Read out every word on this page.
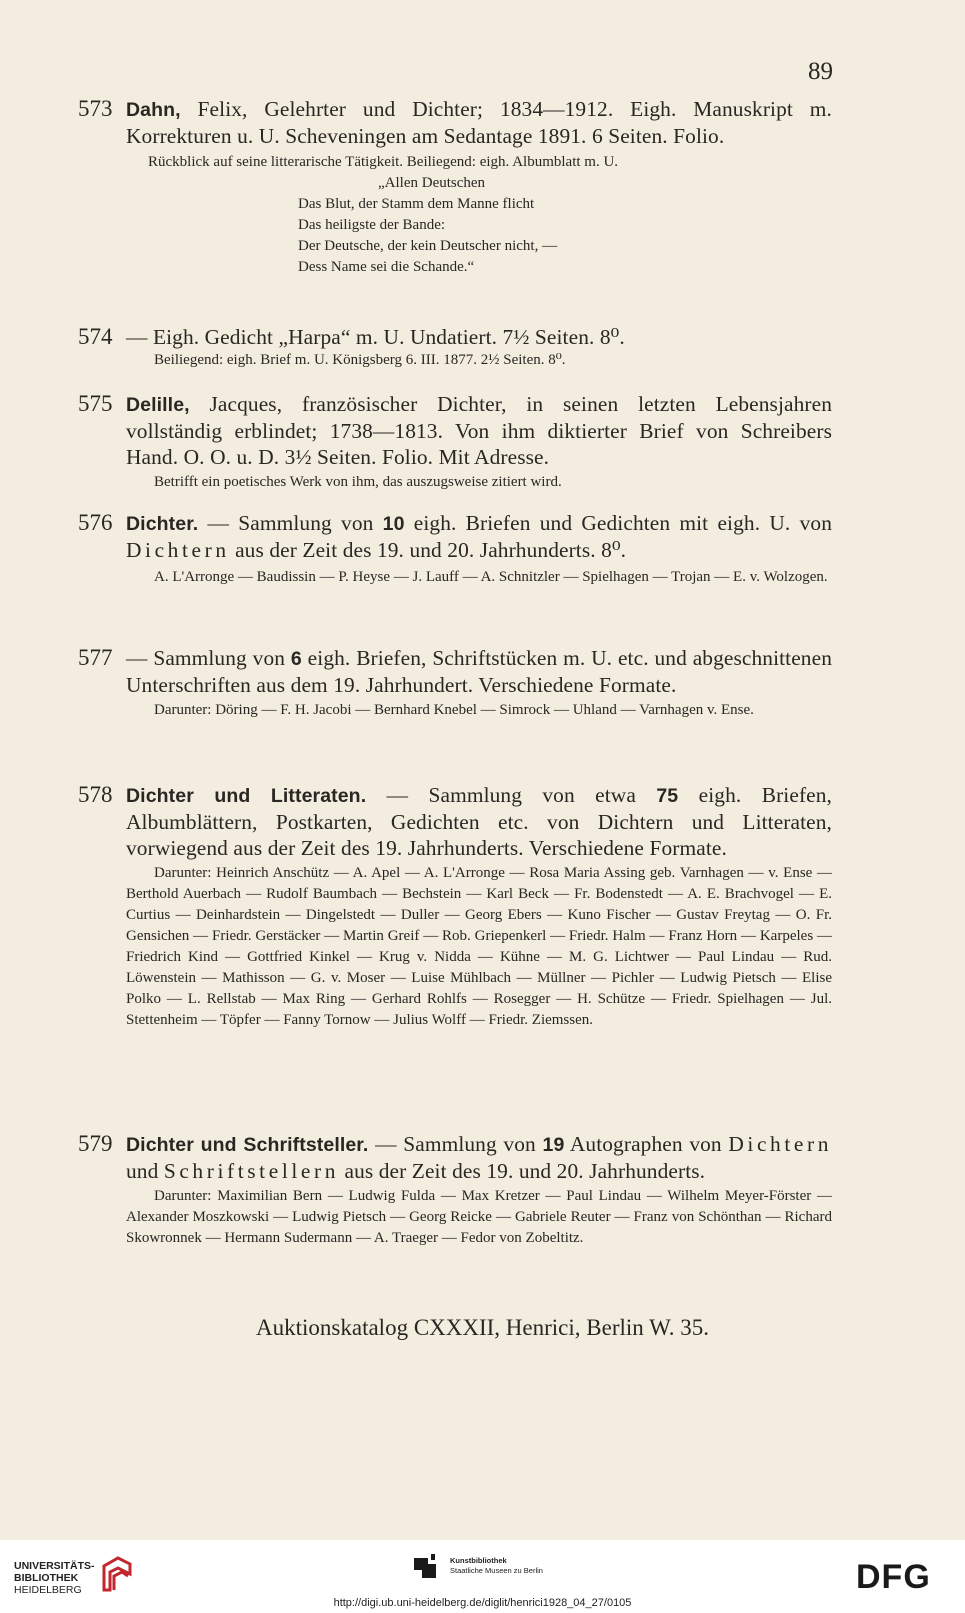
89
573 Dahn, Felix, Gelehrter und Dichter; 1834—1912. Eigh. Manuskript m. Korrekturen u. U. Scheveningen am Sedantage 1891. 6 Seiten. Folio.
Rückblick auf seine litterarische Tätigkeit. Beiliegend: eigh. Albumblatt m. U.
„Allen Deutschen
Das Blut, der Stamm dem Manne flicht
Das heiligste der Bande:
Der Deutsche, der kein Deutscher nicht, —
Dess Name sei die Schande.“
574 — Eigh. Gedicht „Harpa“ m. U. Undatiert. 7½ Seiten. 8⁰.
Beiliegend: eigh. Brief m. U. Königsberg 6. III. 1877. 2½ Seiten. 8⁰.
575 Delille, Jacques, französischer Dichter, in seinen letzten Lebensjahren vollständig erblindet; 1738—1813. Von ihm diktierter Brief von Schreibers Hand. O. O. u. D. 3½ Seiten. Folio. Mit Adresse.
Betrifft ein poetisches Werk von ihm, das auszugsweise zitiert wird.
576 Dichter. — Sammlung von 10 eigh. Briefen und Gedichten mit eigh. U. von Dichtern aus der Zeit des 19. und 20. Jahrhunderts. 8⁰.
A. L'Arronge — Baudissin — P. Heyse — J. Lauff — A. Schnitzler — Spielhagen — Trojan — E. v. Wolzogen.
577 — Sammlung von 6 eigh. Briefen, Schriftstücken m. U. etc. und abgeschnittenen Unterschriften aus dem 19. Jahrhundert. Verschiedene Formate.
Darunter: Döring — F. H. Jacobi — Bernhard Knebel — Simrock — Uhland — Varnhagen v. Ense.
578 Dichter und Litteraten. — Sammlung von etwa 75 eigh. Briefen, Albumblättern, Postkarten, Gedichten etc. von Dichtern und Litteraten, vorwiegend aus der Zeit des 19. Jahrhunderts. Verschiedene Formate.
Darunter: Heinrich Anschütz — A. Apel — A. L'Arronge — Rosa Maria Assing geb. Varnhagen — v. Ense — Berthold Auerbach — Rudolf Baumbach — Bechstein — Karl Beck — Fr. Bodenstedt — A. E. Brachvogel — E. Curtius — Deinhardstein — Dingelstedt — Duller — Georg Ebers — Kuno Fischer — Gustav Freytag — O. Fr. Gensichen — Friedr. Gerstäcker — Martin Greif — Rob. Griepenkerl — Friedr. Halm — Franz Horn — Karpeles — Friedrich Kind — Gottfried Kinkel — Krug v. Nidda — Kühne — M. G. Lichtwer — Paul Lindau — Rud. Löwenstein — Mathisson — G. v. Moser — Luise Mühlbach — Müllner — Pichler — Ludwig Pietsch — Elise Polko — L. Rellstab — Max Ring — Gerhard Rohlfs — Rosegger — H. Schütze — Friedr. Spielhagen — Jul. Stettenheim — Töpfer — Fanny Tornow — Julius Wolff — Friedr. Ziemssen.
579 Dichter und Schriftsteller. — Sammlung von 19 Autographen von Dichtern und Schriftstellern aus der Zeit des 19. und 20. Jahrhunderts.
Darunter: Maximilian Bern — Ludwig Fulda — Max Kretzer — Paul Lindau — Wilhelm Meyer-Förster — Alexander Moszkowski — Ludwig Pietsch — Georg Reicke — Gabriele Reuter — Franz von Schönthan — Richard Skowronnek — Hermann Sudermann — A. Traeger — Fedor von Zobeltitz.
Auktionskatalog CXXXII, Henrici, Berlin W. 35.
UNIVERSITÄTS-
BIBLIOTHEK
HEIDELBERG
Kunstbibliothek
Staatliche Museen zu Berlin	DFG
http://digi.ub.uni-heidelberg.de/diglit/henrici1928_04_27/0105
